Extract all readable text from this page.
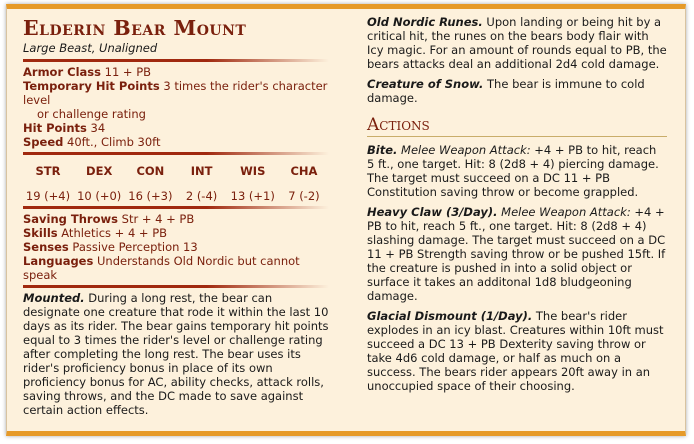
Elderin Bear Mount
Large Beast, Unaligned
Armor Class 11 + PB
Temporary Hit Points 3 times the rider's character level
or challenge rating
Hit Points 34
Speed 40ft., Climb 30ft
STR
19 (+4)
DEX
10 (+0)
CON
16 (+3)
INT
2 (-4)
WIS
13 (+1)
CHA
7 (-2)
Saving Throws Str + 4 + PB
Skills Athletics + 4 + PB
Senses Passive Perception 13
Languages Understands Old Nordic but cannot speak

Mounted. During a long rest, the bear can designate one creature that rode it within the last 10 days as its rider. The bear gains temporary hit points equal to 3 times the rider's level or challenge rating after completing the long rest. The bear uses its rider's proficiency bonus in place of its own proficiency bonus for AC, ability checks, attack rolls, saving throws, and the DC made to save against certain action effects.

Old Nordic Runes. Upon landing or being hit by a critical hit, the runes on the bears body flair with Icy magic. For an amount of rounds equal to PB, the bears attacks deal an additional 2d4 cold damage.

Creature of Snow. The bear is immune to cold damage.

Actions

Bite. Melee Weapon Attack: +4 + PB to hit, reach 5 ft., one target. Hit: 8 (2d8 + 4) piercing damage. The target must succeed on a DC 11 + PB Constitution saving throw or become grappled.

Heavy Claw (3/Day). Melee Weapon Attack: +4 + PB to hit, reach 5 ft., one target. Hit: 8 (2d8 + 4) slashing damage. The target must succeed on a DC 11 + PB Strength saving throw or be pushed 15ft. If the creature is pushed in into a solid object or surface it takes an additonal 1d8 bludgeoning damage.

Glacial Dismount (1/Day). The bear's rider explodes in an icy blast. Creatures within 10ft must succeed a DC 13 + PB Dexterity saving throw or take 4d6 cold damage, or half as much on a success. The bears rider appears 20ft away in an unoccupied space of their choosing.
